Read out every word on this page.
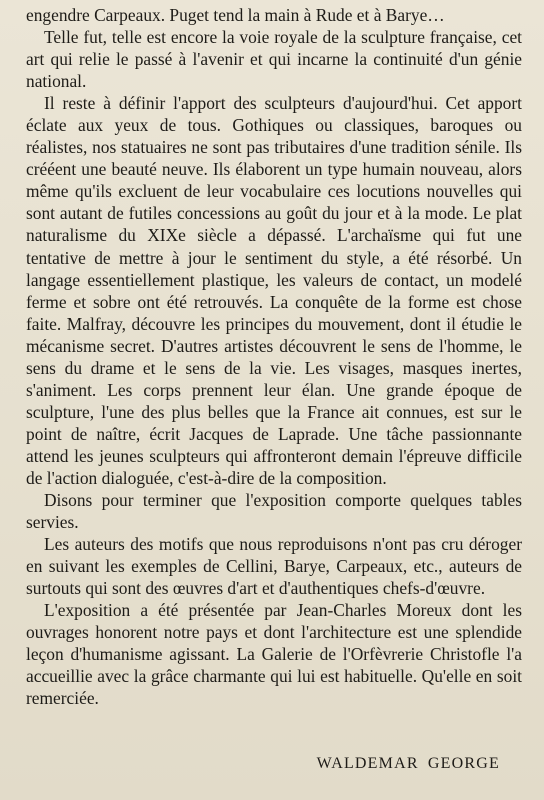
engendre Carpeaux. Puget tend la main à Rude et à Barye…

Telle fut, telle est encore la voie royale de la sculpture française, cet art qui relie le passé à l'avenir et qui incarne la continuité d'un génie national.

Il reste à définir l'apport des sculpteurs d'aujourd'hui. Cet apport éclate aux yeux de tous. Gothiques ou classiques, baroques ou réalistes, nos statuaires ne sont pas tributaires d'une tradition sénile. Ils crééent une beauté neuve. Ils élaborent un type humain nouveau, alors même qu'ils excluent de leur vocabulaire ces locutions nouvelles qui sont autant de futiles concessions au goût du jour et à la mode. Le plat naturalisme du XIXe siècle a dépassé. L'archaïsme qui fut une tentative de mettre à jour le sentiment du style, a été résorbé. Un langage essentiellement plastique, les valeurs de contact, un modelé ferme et sobre ont été retrouvés. La conquête de la forme est chose faite. Malfray, découvre les principes du mouvement, dont il étudie le mécanisme secret. D'autres artistes découvrent le sens de l'homme, le sens du drame et le sens de la vie. Les visages, masques inertes, s'animent. Les corps prennent leur élan. Une grande époque de sculpture, l'une des plus belles que la France ait connues, est sur le point de naître, écrit Jacques de Laprade. Une tâche passionnante attend les jeunes sculpteurs qui affronteront demain l'épreuve difficile de l'action dialoguée, c'est-à-dire de la composition.

Disons pour terminer que l'exposition comporte quelques tables servies.

Les auteurs des motifs que nous reproduisons n'ont pas cru déroger en suivant les exemples de Cellini, Barye, Carpeaux, etc., auteurs de surtouts qui sont des œuvres d'art et d'authentiques chefs-d'œuvre.

L'exposition a été présentée par Jean-Charles Moreux dont les ouvrages honorent notre pays et dont l'architecture est une splendide leçon d'humanisme agissant. La Galerie de l'Orfèvrerie Christofle l'a accueillie avec la grâce charmante qui lui est habituelle. Qu'elle en soit remerciée.

WALDEMAR GEORGE
